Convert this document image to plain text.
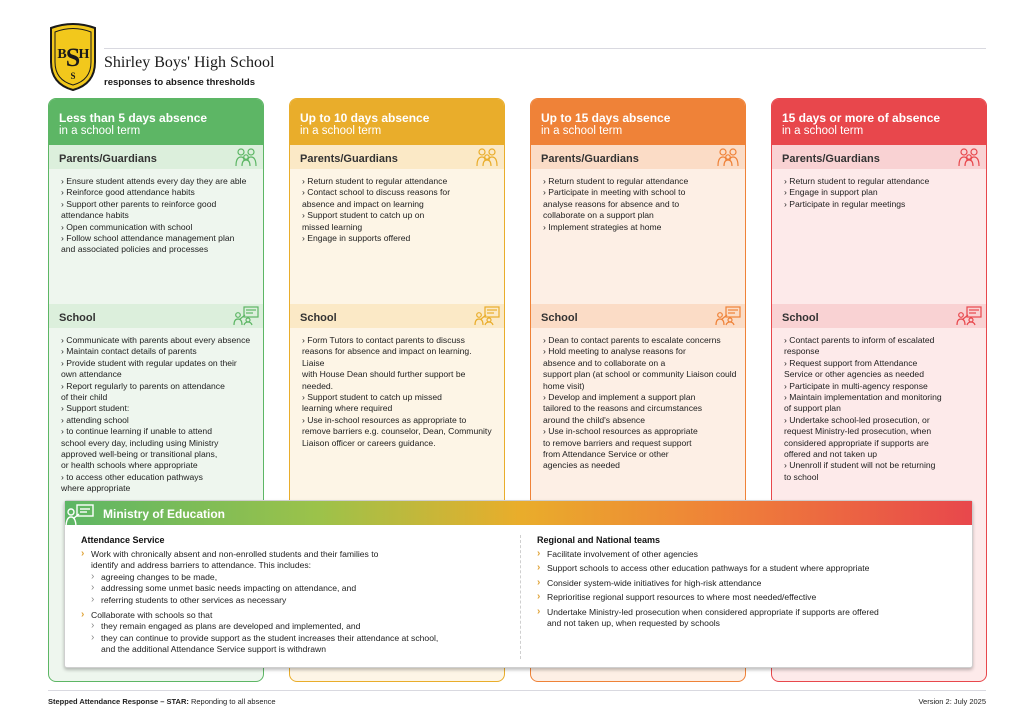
S
B H
S
Shirley Boys' High School
responses to absence thresholds
Less than 5 days absence
in a school term
Parents/Guardians
› Ensure student attends every day they are able
› Reinforce good attendance habits
› Support other parents to reinforce good
attendance habits
› Open communication with school
› Follow school attendance management plan
and associated policies and processes
School
› Communicate with parents about every absence
› Maintain contact details of parents
› Provide student with regular updates on their
own attendance
› Report regularly to parents on attendance
of their child
› Support student:
› attending school
› to continue learning if unable to attend
school every day, including using Ministry
approved well-being or transitional plans,
or health schools where appropriate
› to access other education pathways
where appropriate
Up to 10 days absence
in a school term
Parents/Guardians
› Return student to regular attendance
› Contact school to discuss reasons for
absence and impact on learning
› Support student to catch up on
missed learning
› Engage in supports offered
School
› Form Tutors to contact parents to discuss
reasons for absence and impact on learning. Liaise
with House Dean should further support be
needed.
› Support student to catch up missed
learning where required
› Use in-school resources as appropriate to
remove barriers e.g. counselor, Dean, Community
Liaison officer or careers guidance.
Up to 15 days absence
in a school term
Parents/Guardians
› Return student to regular attendance
› Participate in meeting with school to
analyse reasons for absence and to
collaborate on a support plan
› Implement strategies at home
School
› Dean to contact parents to escalate concerns
› Hold meeting to analyse reasons for
absence and to collaborate on a
support plan (at school or community Liaison could
home visit)
› Develop and implement a support plan
tailored to the reasons and circumstances
around the child's absence
› Use in-school resources as appropriate
to remove barriers and request support
from Attendance Service or other
agencies as needed
15 days or more of absence
in a school term
Parents/Guardians
› Return student to regular attendance
› Engage in support plan
› Participate in regular meetings
School
› Contact parents to inform of escalated
response
› Request support from Attendance
Service or other agencies as needed
› Participate in multi-agency response
› Maintain implementation and monitoring
of support plan
› Undertake school-led prosecution, or
request Ministry-led prosecution, when
considered appropriate if supports are
offered and not taken up
› Unenroll if student will not be returning
to school
Ministry of Education
Attendance Service
› Work with chronically absent and non-enrolled students and their families to
identify and address barriers to attendance. This includes:
› agreeing changes to be made,
› addressing some unmet basic needs impacting on attendance, and
› referring students to other services as necessary
› Collaborate with schools so that
› they remain engaged as plans are developed and implemented, and
› they can continue to provide support as the student increases their attendance at school,
and the additional Attendance Service support is withdrawn
Regional and National teams
› Facilitate involvement of other agencies
› Support schools to access other education pathways for a student where appropriate
› Consider system-wide initiatives for high-risk attendance
› Reprioritise regional support resources to where most needed/effective
› Undertake Ministry-led prosecution when considered appropriate if supports are offered
and not taken up, when requested by schools
Stepped Attendance Response – STAR: Reponding to all absence	Version 2: July 2025
